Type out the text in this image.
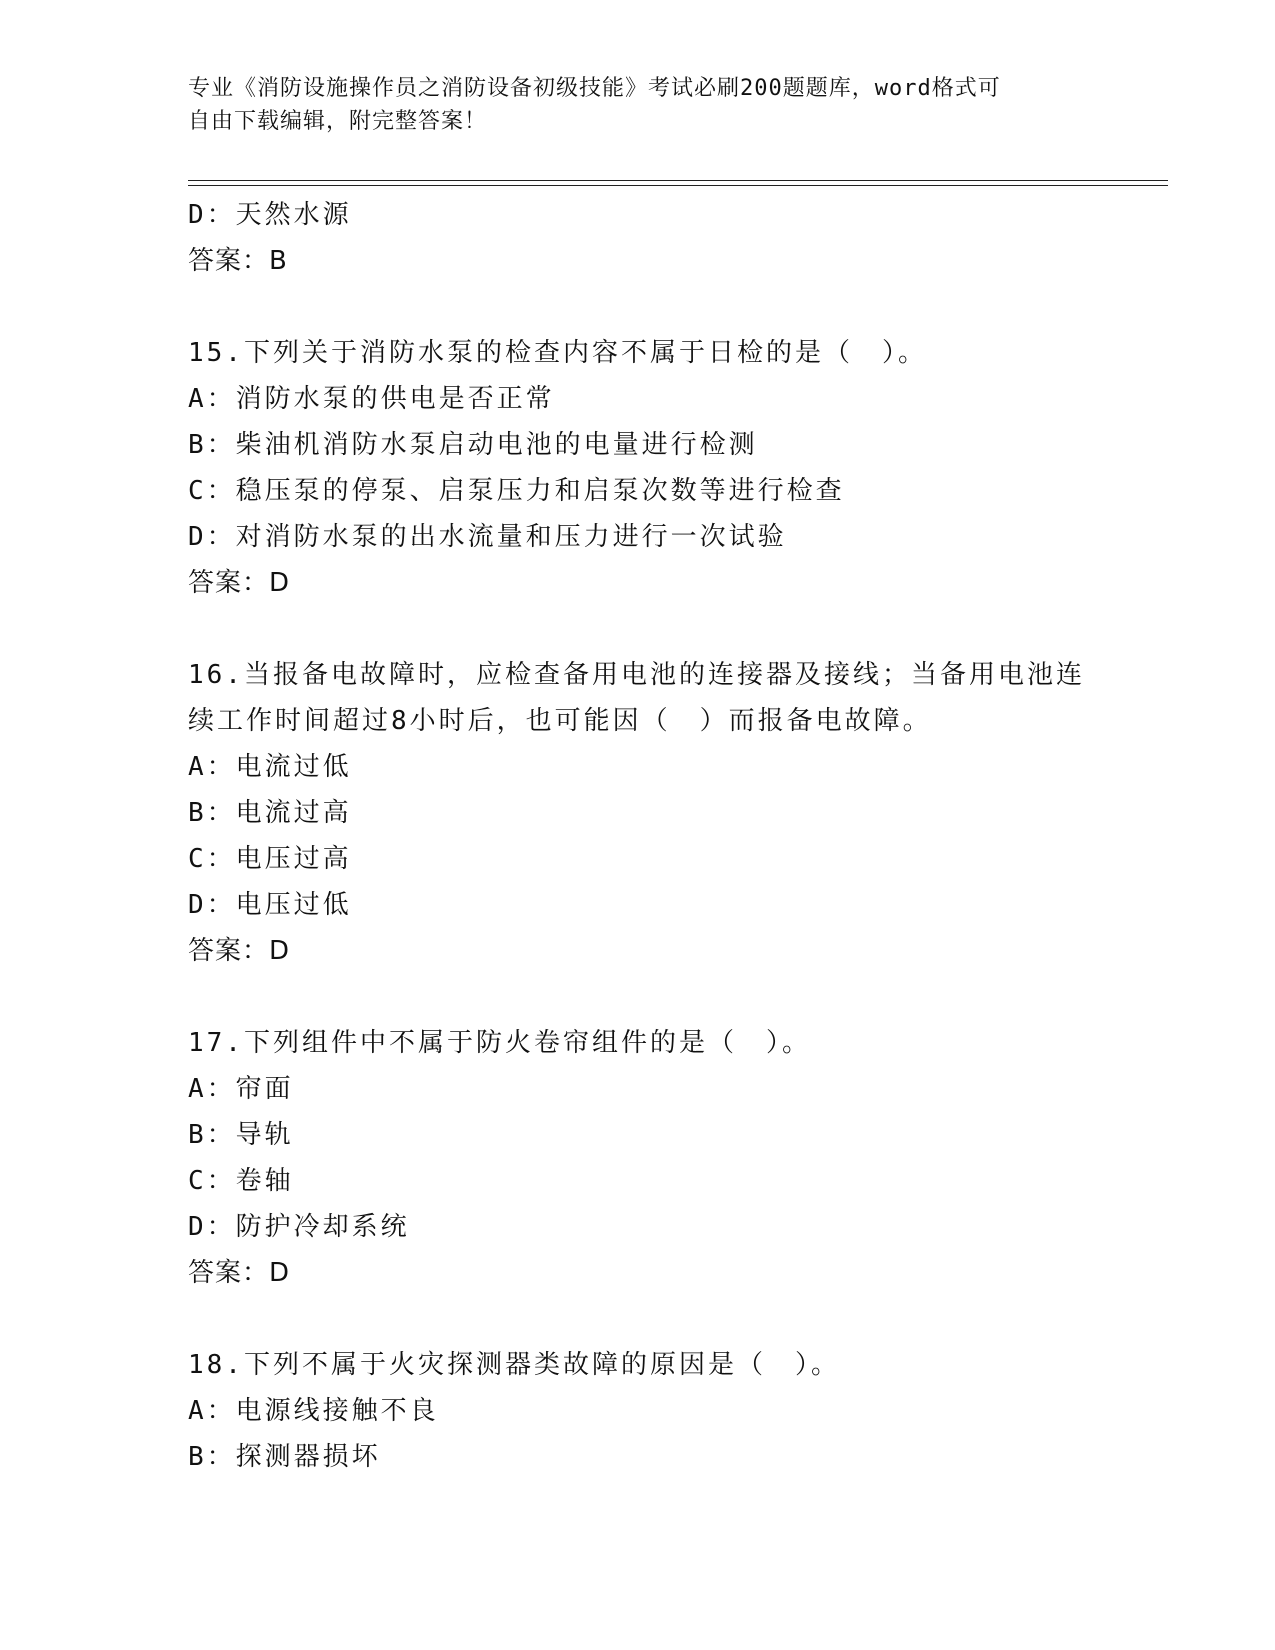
专业《消防设施操作员之消防设备初级技能》考试必刷200题题库，word格式可
自由下载编辑，附完整答案！
D：天然水源
答案：B
15.下列关于消防水泵的检查内容不属于日检的是（　）。
A：消防水泵的供电是否正常
B：柴油机消防水泵启动电池的电量进行检测
C：稳压泵的停泵、启泵压力和启泵次数等进行检查
D：对消防水泵的出水流量和压力进行一次试验
答案：D
16.当报备电故障时，应检查备用电池的连接器及接线；当备用电池连
续工作时间超过8小时后，也可能因（　）而报备电故障。
A：电流过低
B：电流过高
C：电压过高
D：电压过低
答案：D
17.下列组件中不属于防火卷帘组件的是（　）。
A：帘面
B：导轨
C：卷轴
D：防护冷却系统
答案：D
18.下列不属于火灾探测器类故障的原因是（　）。
A：电源线接触不良
B：探测器损坏
